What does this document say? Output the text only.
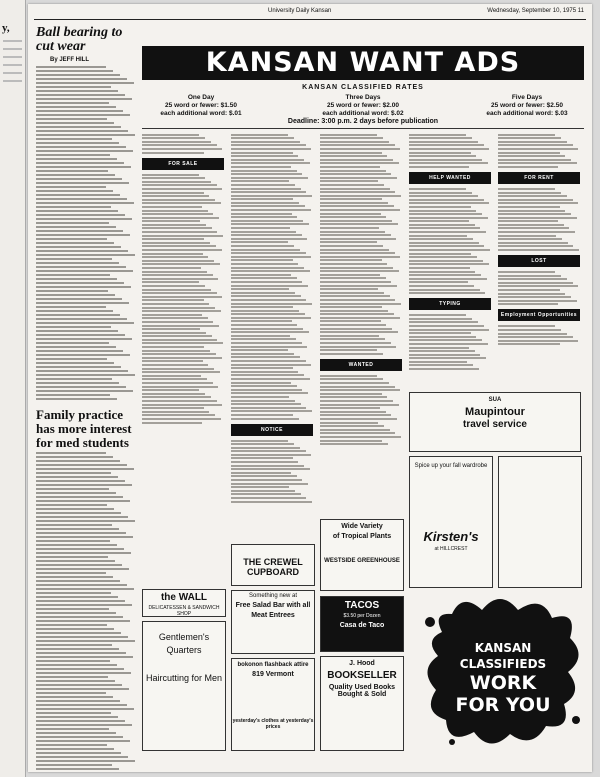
y,
University Daily Kansan	Wednesday, September 10, 1975 11
Ball bearing to cut wear
By JEFF HILL
Family practice has more interest for med students
KANSAN WANT ADS
KANSAN CLASSIFIED RATES
One Day
25 word or fewer: $1.50
each additional word: $.01
Three Days
25 word or fewer: $2.00
each additional word: $.02
Five Days
25 word or fewer: $2.50
each additional word: $.03
Deadline: 3:00 p.m. 2 days before publication
FOR SALE
NOTICE
WANTED
HELP WANTED
TYPING
FOR RENT
LOST
Employment Opportunities
SUA
Maupintour
travel service
Wide Variety
of Tropical Plants
WESTSIDE GREENHOUSE
Spice up your fall wardrobe
Kirsten's
at HILLCREST
THE CREWEL CUPBOARD
Something new at
Free Salad Bar with all
Meat Entrees
TACOS
$3.50 per Dozen
Casa de Taco
the WALL
DELICATESSEN & SANDWICH SHOP
Gentlemen's
Quarters
Haircutting for Men
bokonon flashback attire
819 Vermont
yesterday's clothes at yesterday's prices
J. Hood
BOOKSELLER
Quality Used Books Bought & Sold
KANSAN
CLASSIFIEDS
WORK
FOR YOU
